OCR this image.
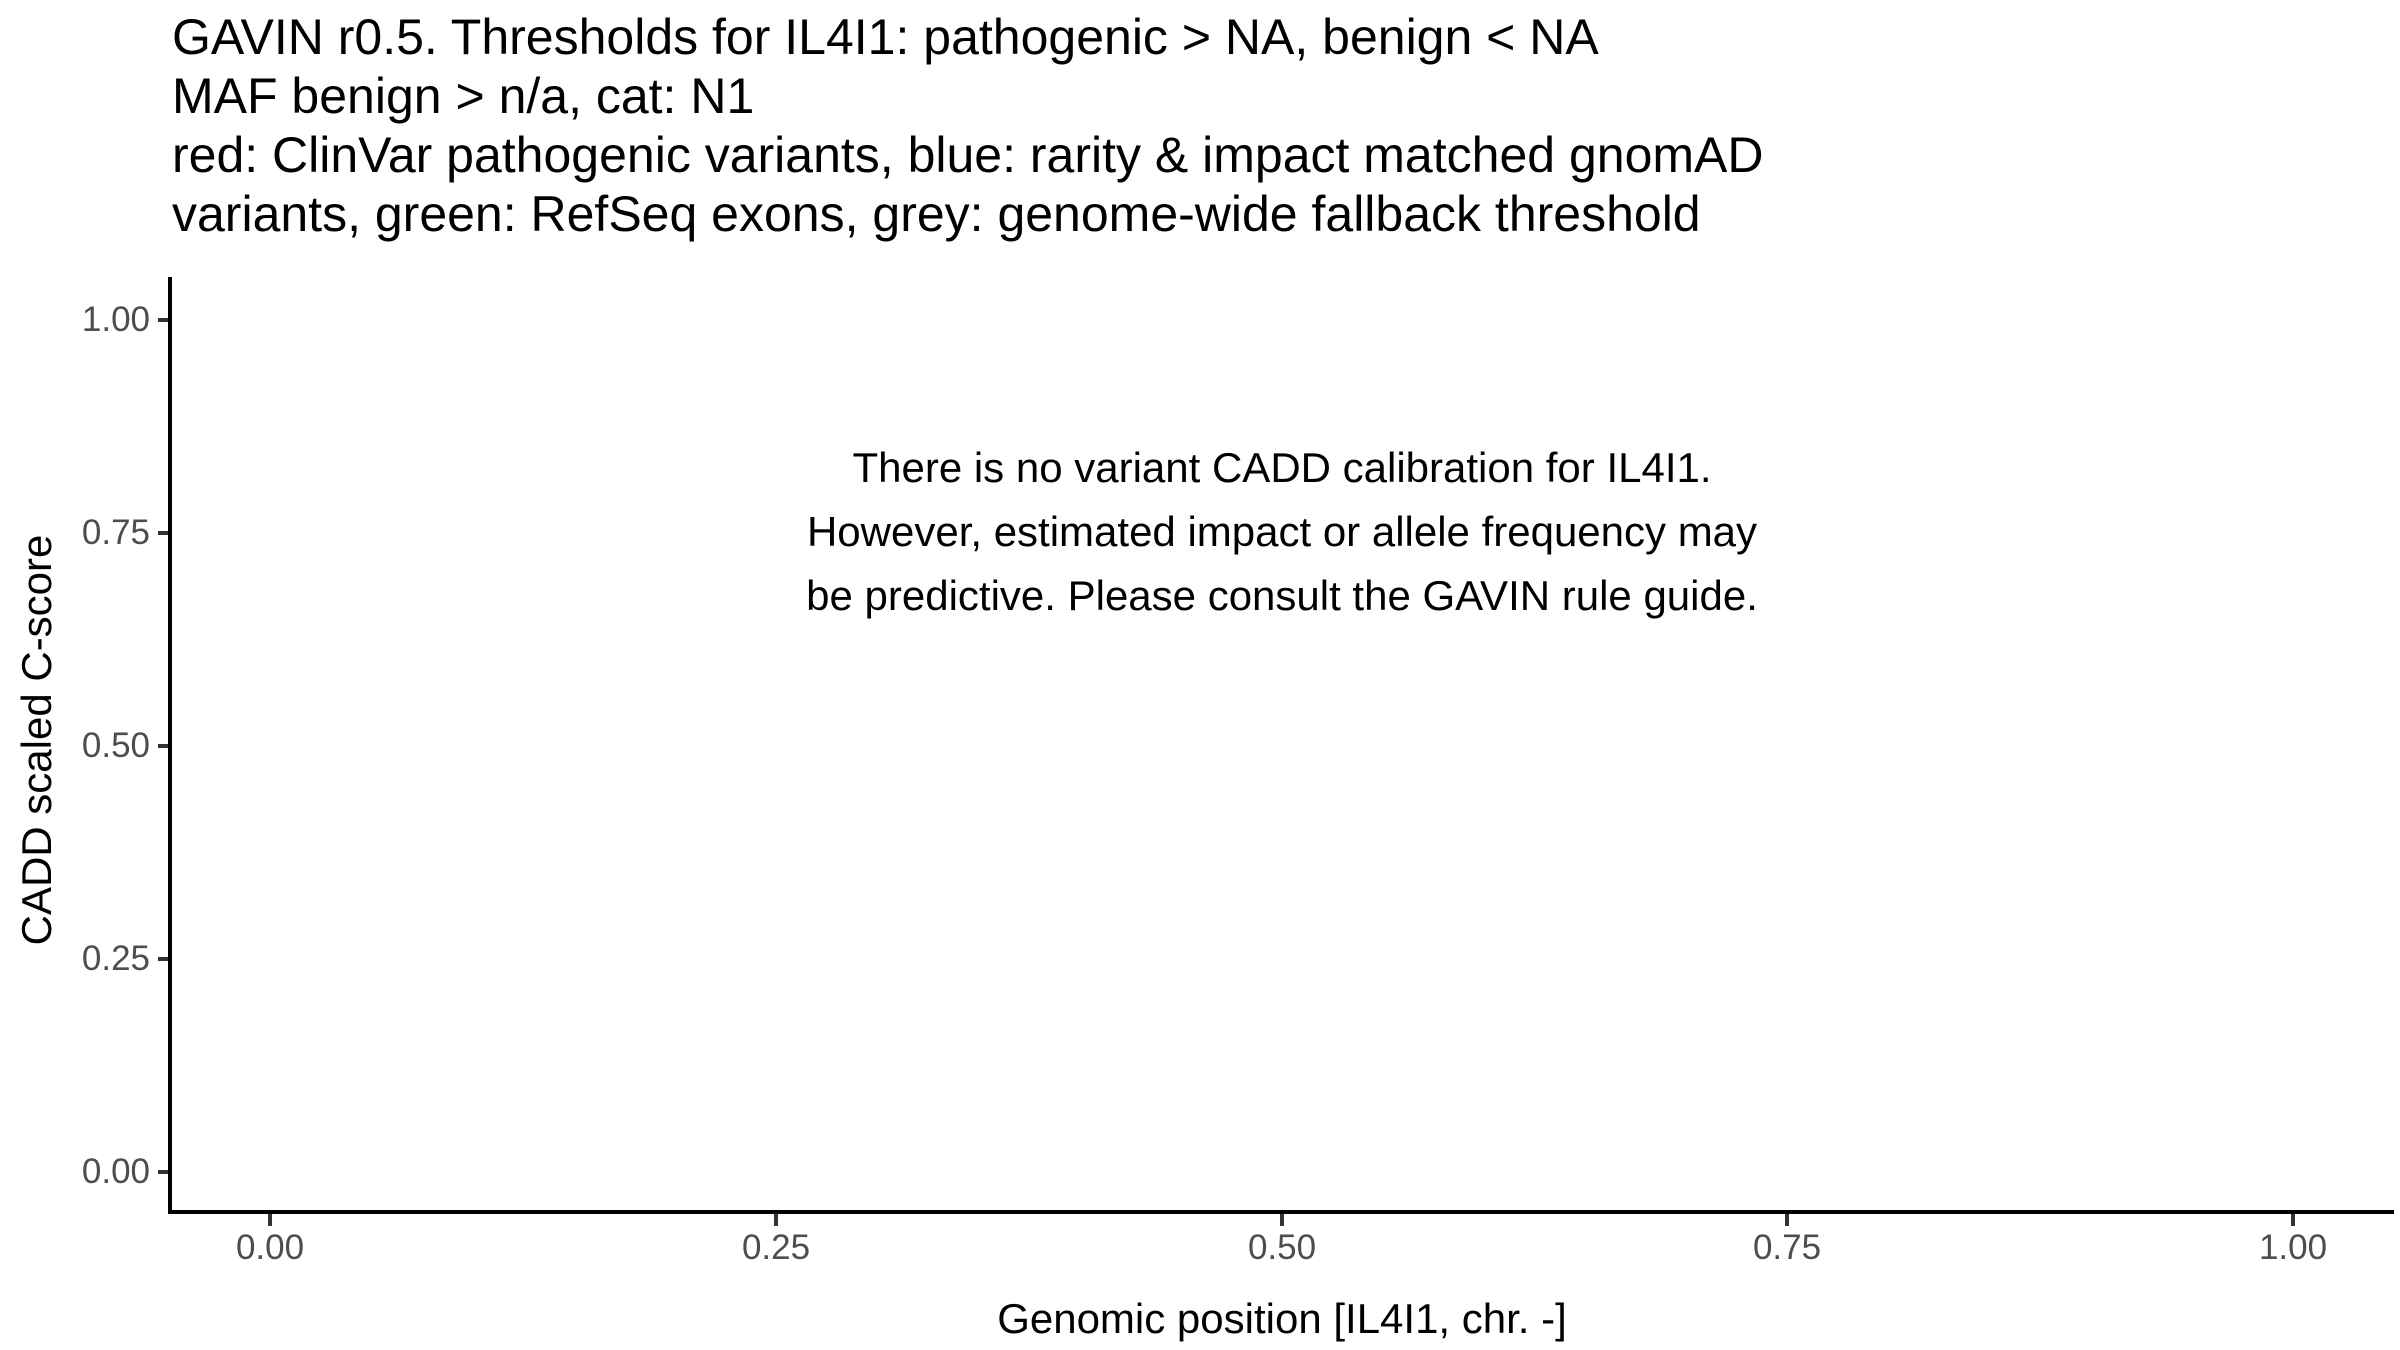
GAVIN r0.5. Thresholds for IL4I1: pathogenic > NA, benign < NA
MAF benign > n/a, cat: N1
red: ClinVar pathogenic variants, blue: rarity & impact matched gnomAD
variants, green: RefSeq exons, grey: genome-wide fallback threshold
1.00
0.75
0.50
0.25
0.00
0.00	0.25	0.50	0.75	1.00
CADD scaled C-score
Genomic position [IL4I1, chr. -]
There is no variant CADD calibration for IL4I1.
However, estimated impact or allele frequency may
be predictive. Please consult the GAVIN rule guide.
